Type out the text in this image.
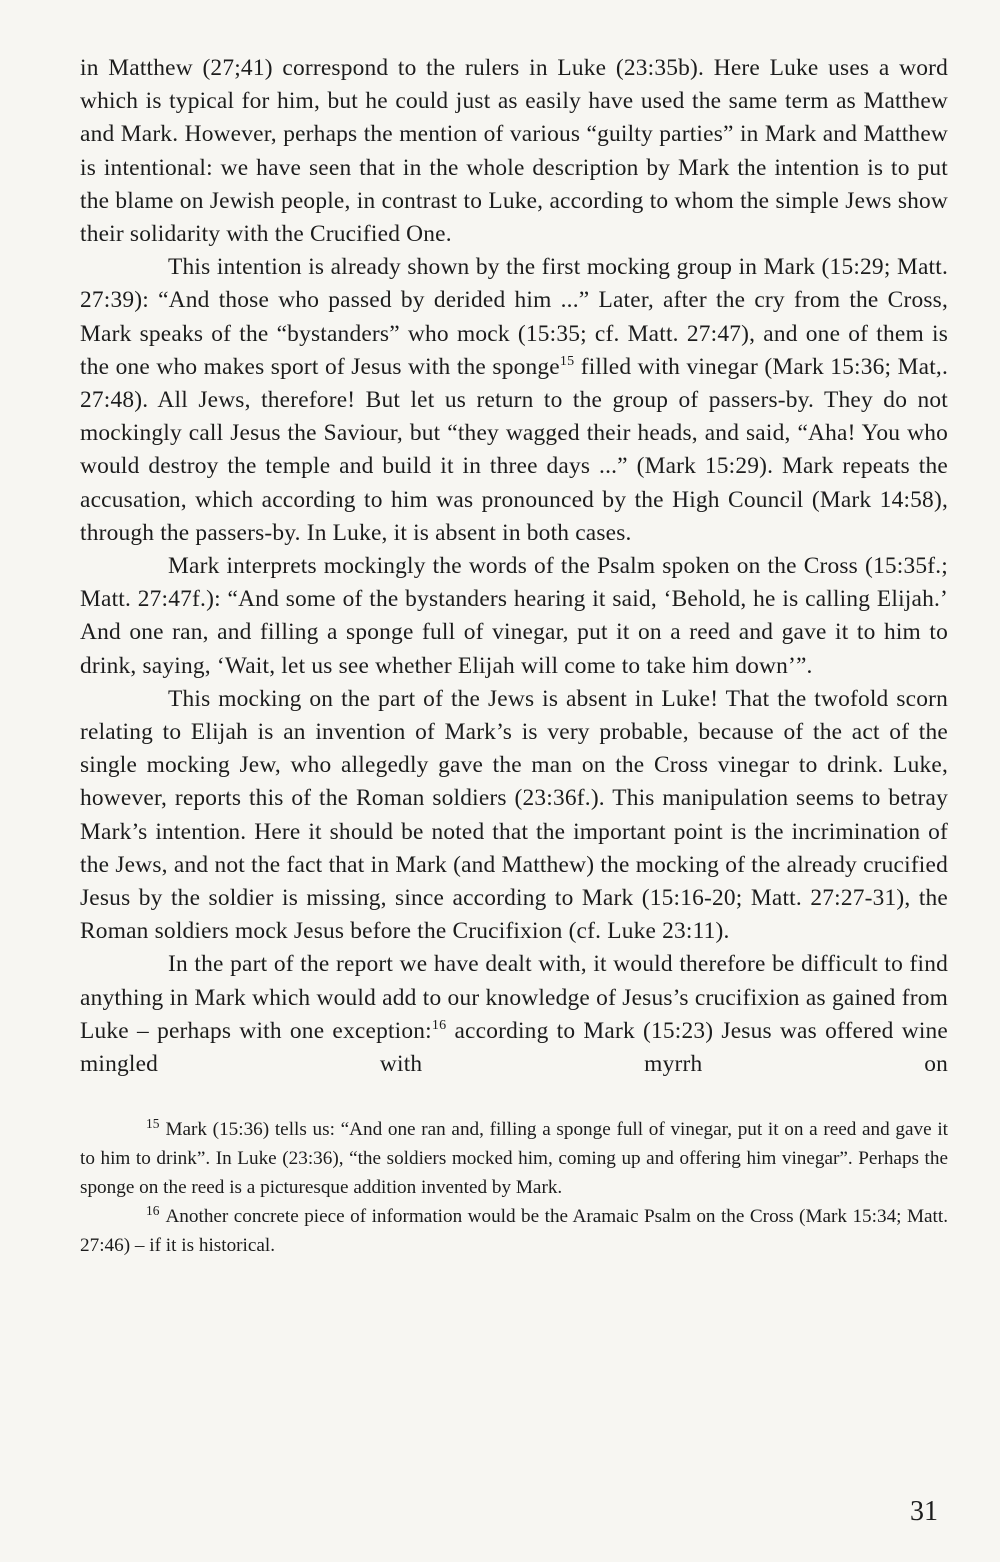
in Matthew (27;41) correspond to the rulers in Luke (23:35b). Here Luke uses a word which is typical for him, but he could just as easily have used the same term as Matthew and Mark. However, perhaps the mention of various “guilty parties” in Mark and Matthew is intentional: we have seen that in the whole description by Mark the intention is to put the blame on Jewish people, in contrast to Luke, according to whom the simple Jews show their solidarity with the Crucified One.

This intention is already shown by the first mocking group in Mark (15:29; Matt. 27:39): “And those who passed by derided him ...” Later, after the cry from the Cross, Mark speaks of the “bystanders” who mock (15:35; cf. Matt. 27:47), and one of them is the one who makes sport of Jesus with the sponge$^{15}$ filled with vinegar (Mark 15:36; Mat,. 27:48). All Jews, therefore! But let us return to the group of passers-by. They do not mockingly call Jesus the Saviour, but “they wagged their heads, and said, “Aha! You who would destroy the temple and build it in three days ...” (Mark 15:29). Mark repeats the accusation, which according to him was pronounced by the High Council (Mark 14:58), through the passers-by. In Luke, it is absent in both cases.

Mark interprets mockingly the words of the Psalm spoken on the Cross (15:35f.; Matt. 27:47f.): “And some of the bystanders hearing it said, ‘Behold, he is calling Elijah.’ And one ran, and filling a sponge full of vinegar, put it on a reed and gave it to him to drink, saying, ‘Wait, let us see whether Elijah will come to take him down’”.

This mocking on the part of the Jews is absent in Luke! That the twofold scorn relating to Elijah is an invention of Mark’s is very probable, because of the act of the single mocking Jew, who allegedly gave the man on the Cross vinegar to drink. Luke, however, reports this of the Roman soldiers (23:36f.). This manipulation seems to betray Mark’s intention. Here it should be noted that the important point is the incrimination of the Jews, and not the fact that in Mark (and Matthew) the mocking of the already crucified Jesus by the soldier is missing, since according to Mark (15:16-20; Matt. 27:27-31), the Roman soldiers mock Jesus before the Crucifixion (cf. Luke 23:11).

In the part of the report we have dealt with, it would therefore be difficult to find anything in Mark which would add to our knowledge of Jesus’s crucifixion as gained from Luke – perhaps with one exception:$^{16}$ according to Mark (15:23) Jesus was offered wine mingled with myrrh on

$^{15}$ Mark (15:36) tells us: “And one ran and, filling a sponge full of vinegar, put it on a reed and gave it to him to drink”. In Luke (23:36), “the soldiers mocked him, coming up and offering him vinegar”. Perhaps the sponge on the reed is a picturesque addition invented by Mark.

$^{16}$ Another concrete piece of information would be the Aramaic Psalm on the Cross (Mark 15:34; Matt. 27:46) – if it is historical.

31
